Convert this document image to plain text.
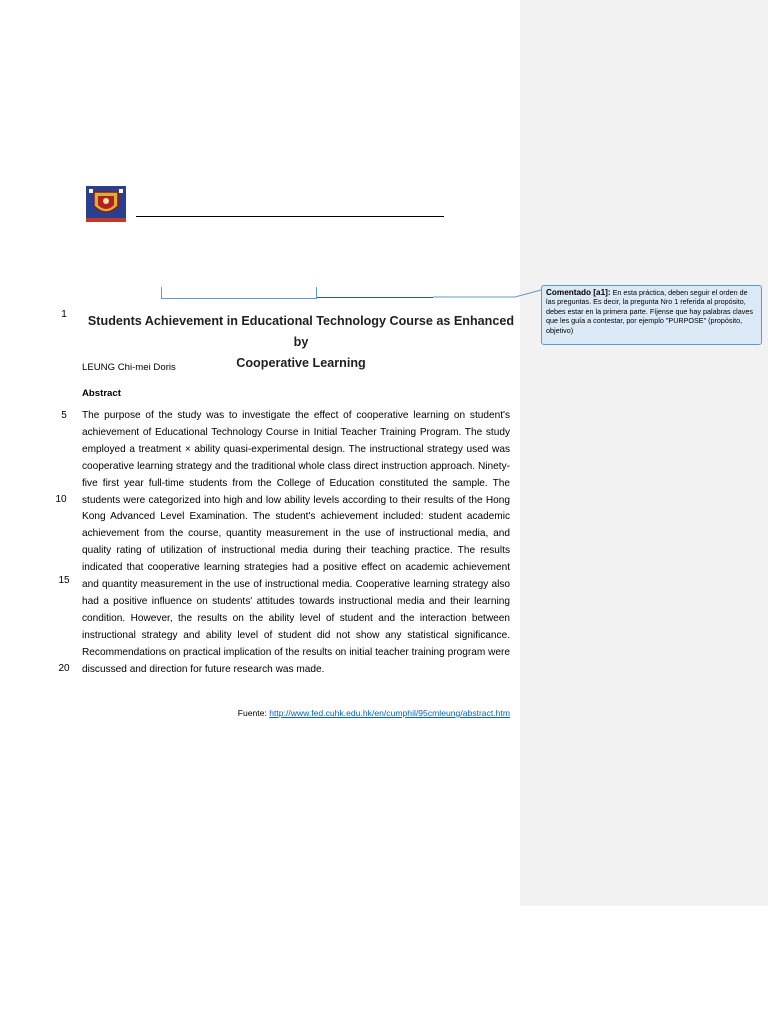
Comentado [a1]: En esta práctica, deben seguir el orden de las preguntas. Es decir, la pregunta Nro 1 referida al propósito, debes estar en la primera parte. Fíjense que hay palabras claves que les guía a contestar, por ejemplo "PURPOSE" (propósito, objetivo)
1
5
10
15
20
Students Achievement in Educational Technology Course as Enhanced by
Cooperative Learning
LEUNG Chi-mei Doris
Abstract
The purpose of the study was to investigate the effect of cooperative learning on student's achievement of Educational Technology Course in Initial Teacher Training Program. The study employed a treatment × ability quasi-experimental design. The instructional strategy used was cooperative learning strategy and the traditional whole class direct instruction approach. Ninety-five first year full-time students from the College of Education constituted the sample. The students were categorized into high and low ability levels according to their results of the Hong Kong Advanced Level Examination. The student's achievement included: student academic achievement from the course, quantity measurement in the use of instructional media, and quality rating of utilization of instructional media during their teaching practice. The results indicated that cooperative learning strategies had a positive effect on academic achievement and quantity measurement in the use of instructional media. Cooperative learning strategy also had a positive influence on students' attitudes towards instructional media and their learning condition. However, the results on the ability level of student and the interaction between instructional strategy and ability level of student did not show any statistical significance. Recommendations on practical implication of the results on initial teacher training program were discussed and direction for future research was made.
Fuente: http://www.fed.cuhk.edu.hk/en/cumphil/95cmleung/abstract.htm
